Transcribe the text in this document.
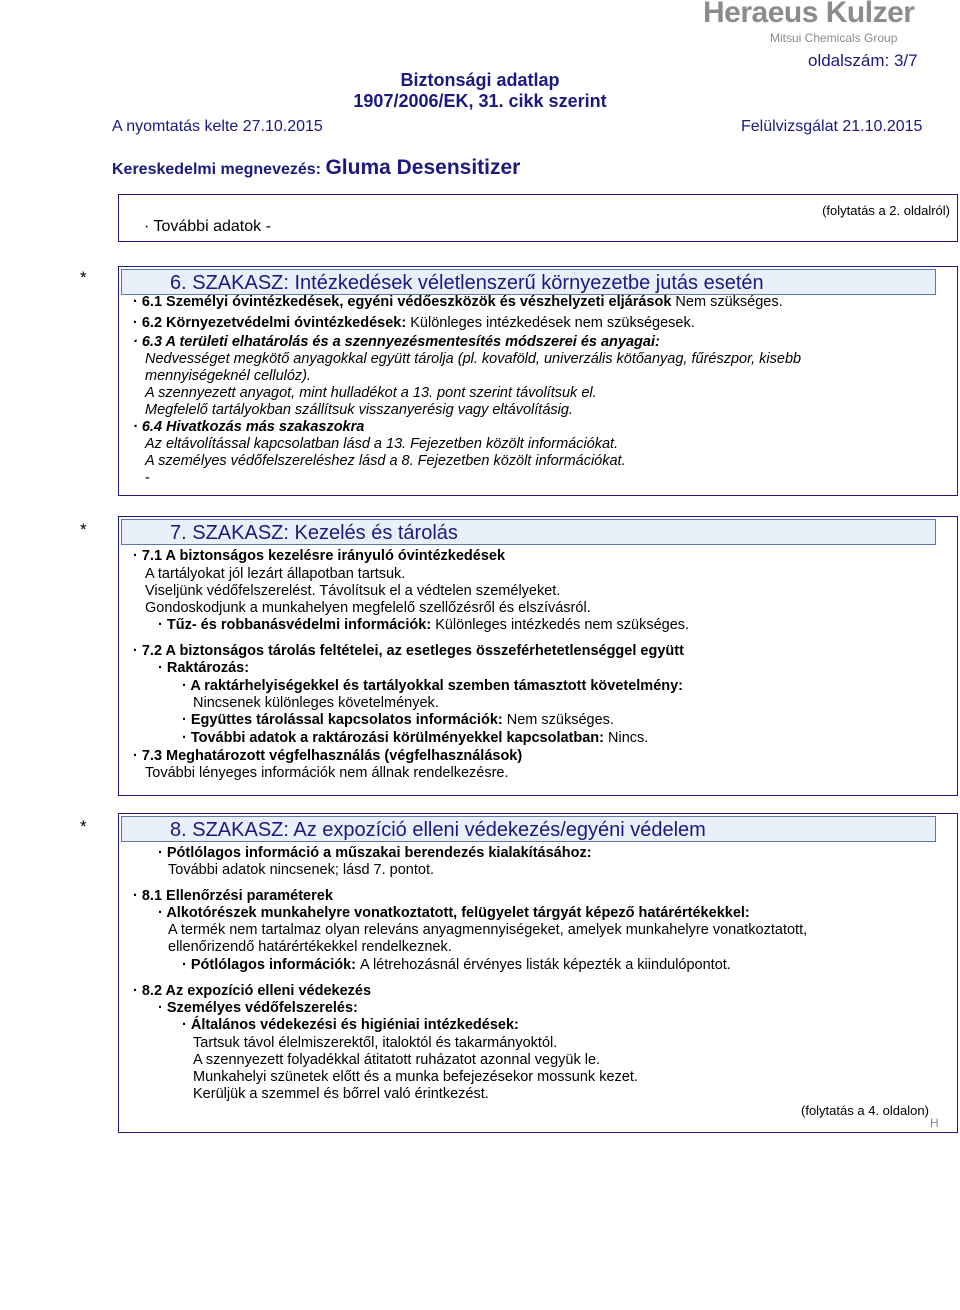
Heraeus Kulzer
Mitsui Chemicals Group
oldalszám: 3/7
Biztonsági adatlap
1907/2006/EK, 31. cikk szerint
A nyomtatás kelte 27.10.2015	Felülvizsgálat 21.10.2015
Kereskedelmi megnevezés: Gluma Desensitizer
· További adatok -
(folytatás a 2. oldalról)
*	6. SZAKASZ: Intézkedések véletlenszerű környezetbe jutás esetén
· 6.1 Személyi óvintézkedések, egyéni védőeszközök és vészhelyzeti eljárások Nem szükséges.
· 6.2 Környezetvédelmi óvintézkedések: Különleges intézkedések nem szükségesek.
· 6.3 A területi elhatárolás és a szennyezésmentesítés módszerei és anyagai:
Nedvességet megkötő anyagokkal együtt tárolja (pl. kovaföld, univerzális kötőanyag, fűrészpor, kisebb
mennyiségeknél cellulóz).
A szennyezett anyagot, mint hulladékot a 13. pont szerint távolítsuk el.
Megfelelő tartályokban szállítsuk visszanyerésig vagy eltávolításig.
· 6.4 Hivatkozás más szakaszokra
Az eltávolítással kapcsolatban lásd a 13. Fejezetben közölt információkat.
A személyes védőfelszereléshez lásd a 8. Fejezetben közölt információkat.
-
*	7. SZAKASZ: Kezelés és tárolás
· 7.1 A biztonságos kezelésre irányuló óvintézkedések
A tartályokat jól lezárt állapotban tartsuk.
Viseljünk védőfelszerelést. Távolítsuk el a védtelen személyeket.
Gondoskodjunk a munkahelyen megfelelő szellőzésről és elszívásról.
· Tűz- és robbanásvédelmi információk: Különleges intézkedés nem szükséges.
· 7.2 A biztonságos tárolás feltételei, az esetleges összeférhetetlenséggel együtt
· Raktározás:
· A raktárhelyiségekkel és tartályokkal szemben támasztott követelmény:
Nincsenek különleges követelmények.
· Együttes tárolással kapcsolatos információk: Nem szükséges.
· További adatok a raktározási körülményekkel kapcsolatban: Nincs.
· 7.3 Meghatározott végfelhasználás (végfelhasználások)
További lényeges információk nem állnak rendelkezésre.
*	8. SZAKASZ: Az expozíció elleni védekezés/egyéni védelem
· Pótlólagos információ a műszakai berendezés kialakításához:
További adatok nincsenek; lásd 7. pontot.
· 8.1 Ellenőrzési paraméterek
· Alkotórészek munkahelyre vonatkoztatott, felügyelet tárgyát képező határértékekkel:
A termék nem tartalmaz olyan releváns anyagmennyiségeket, amelyek munkahelyre vonatkoztatott,
ellenőrizendő határértékekkel rendelkeznek.
· Pótlólagos információk: A létrehozásnál érvényes listák képezték a kiindulópontot.
· 8.2 Az expozíció elleni védekezés
· Személyes védőfelszerelés:
· Általános védekezési és higiéniai intézkedések:
Tartsuk távol élelmiszerektől, italoktól és takarmányoktól.
A szennyezett folyadékkal átitatott ruházatot azonnal vegyük le.
Munkahelyi szünetek előtt és a munka befejezésekor mossunk kezet.
Kerüljük a szemmel és bőrrel való érintkezést.
(folytatás a 4. oldalon)
H
